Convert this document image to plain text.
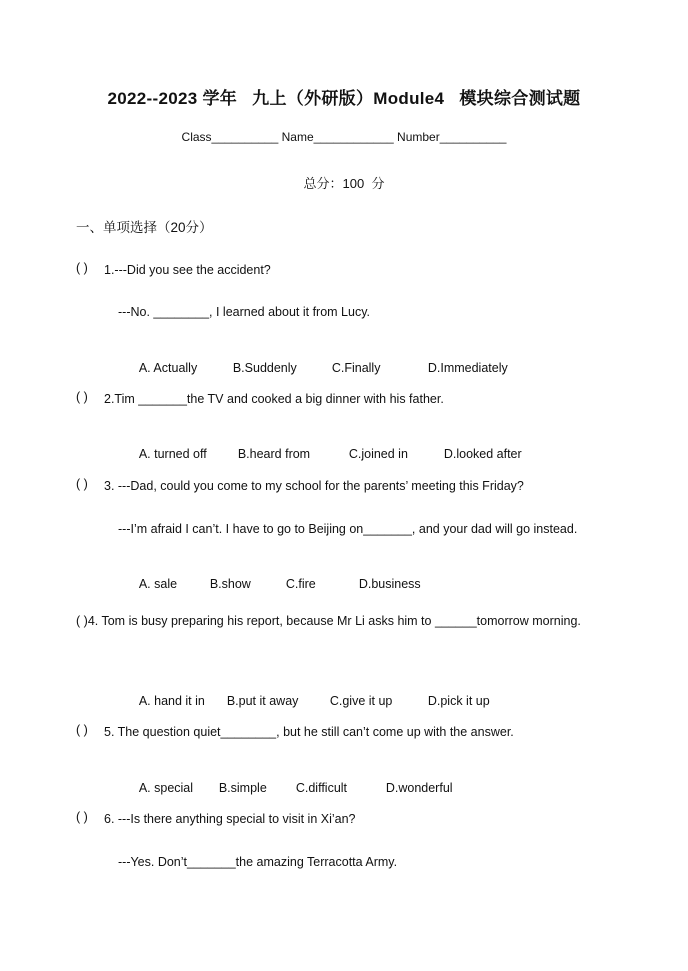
2022--2023 学年   九上（外研版）Module4   模块综合测试题
Class__________ Name____________ Number__________
总分：100  分
一、单项选择（20分）
( ) 1.---Did you see the accident?
---No. ________, I learned about it from Lucy.

A. Actually	B.Suddenly	C.Finally	D.Immediately

( ) 2.Tim _______the TV and cooked a big dinner with his father.

A. turned off B.heard from	C.joined in	D.looked after

( ) 3. ---Dad, could you come to my school for the parents’ meeting this Friday?
---I’m afraid I can’t. I have to go to Beijing on_______, and your dad will go instead.

A. sale	B.show	C.fire	D.business

( )4. Tom is busy preparing his report, because Mr Li asks him to ______tomorrow morning.

A. hand it in B.put it away	C.give it up	D.pick it up

( ) 5. The question quiet________, but he still can’t come up with the answer.

A. special B.simple C.difficult	D.wonderful

( ) 6. ---Is there anything special to visit in Xi’an?
---Yes. Don’t_______the amazing Terracotta Army.
